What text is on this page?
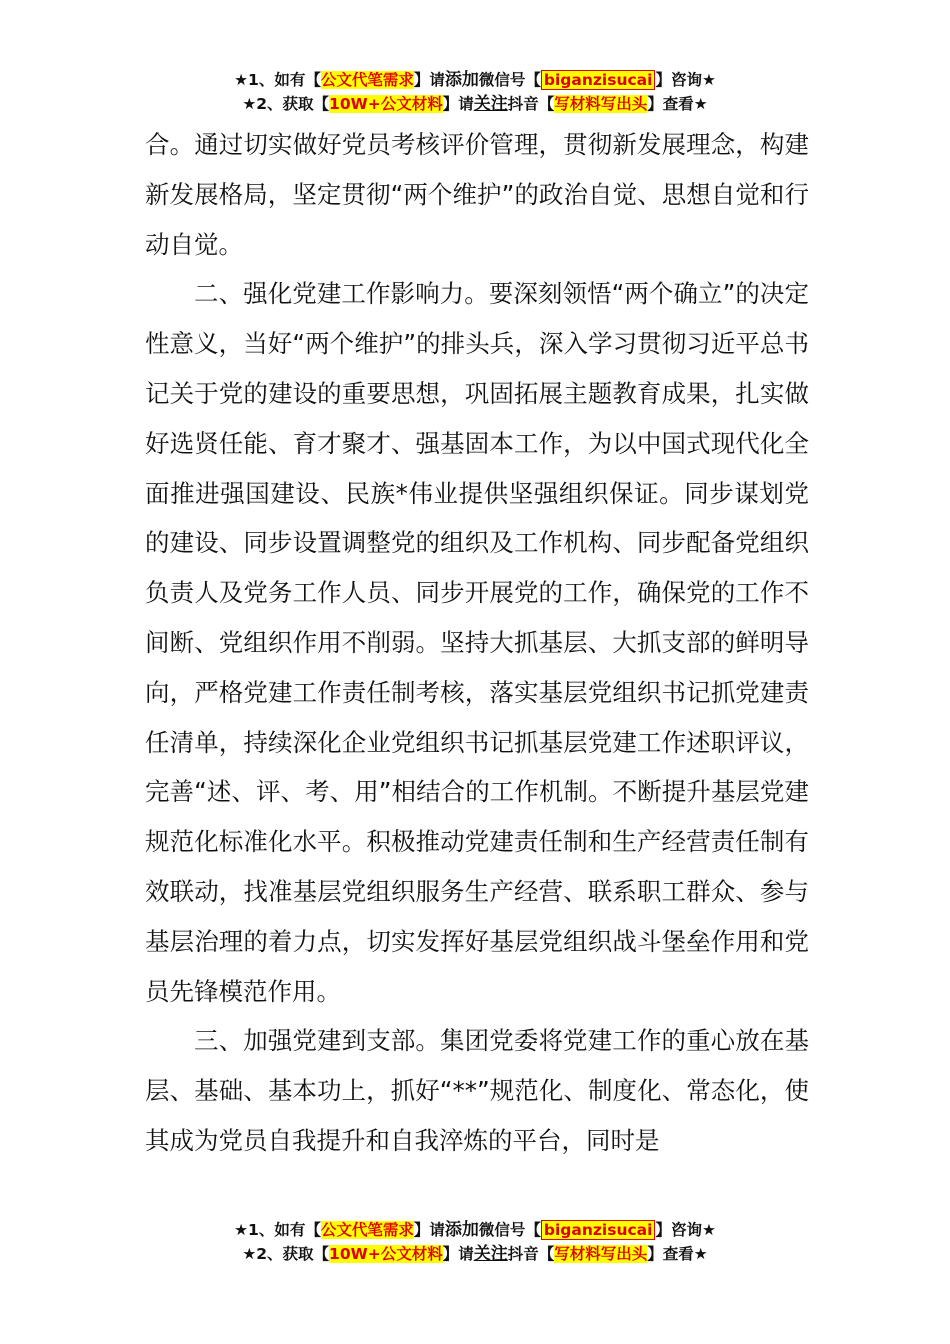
★1、如有【公文代笔需求】请添加微信号【 biganzisucai 】咨询★
★2、获取【10W+公文材料】请关注抖音【写材料写出头】查看★

合。通过切实做好党员考核评价管理，贯彻新发展理念，构建新发展格局，坚定贯彻“两个维护”的政治自觉、思想自觉和行动自觉。

二、强化党建工作影响力。要深刻领悟“两个确立”的决定性意义，当好“两个维护”的排头兵，深入学习贯彻习近平总书记关于党的建设的重要思想，巩固拓展主题教育成果，扎实做好选贤任能、育才聚才、强基固本工作，为以中国式现代化全面推进强国建设、民族*伟业提供坚强组织保证。同步谋划党的建设、同步设置调整党的组织及工作机构、同步配备党组织负责人及党务工作人员、同步开展党的工作，确保党的工作不间断、党组织作用不削弱。坚持大抓基层、大抓支部的鲜明导向，严格党建工作责任制考核，落实基层党组织书记抓党建责任清单，持续深化企业党组织书记抓基层党建工作述职评议，完善“述、评、考、用”相结合的工作机制。不断提升基层党建规范化标准化水平。积极推动党建责任制和生产经营责任制有效联动，找准基层党组织服务生产经营、联系职工群众、参与基层治理的着力点，切实发挥好基层党组织战斗堡垒作用和党员先锋模范作用。

三、加强党建到支部。集团党委将党建工作的重心放在基层、基础、基本功上，抓好“**”规范化、制度化、常态化，使其成为党员自我提升和自我淬炼的平台，同时是

★1、如有【公文代笔需求】请添加微信号【 biganzisucai 】咨询★
★2、获取【10W+公文材料】请关注抖音【写材料写出头】查看★
